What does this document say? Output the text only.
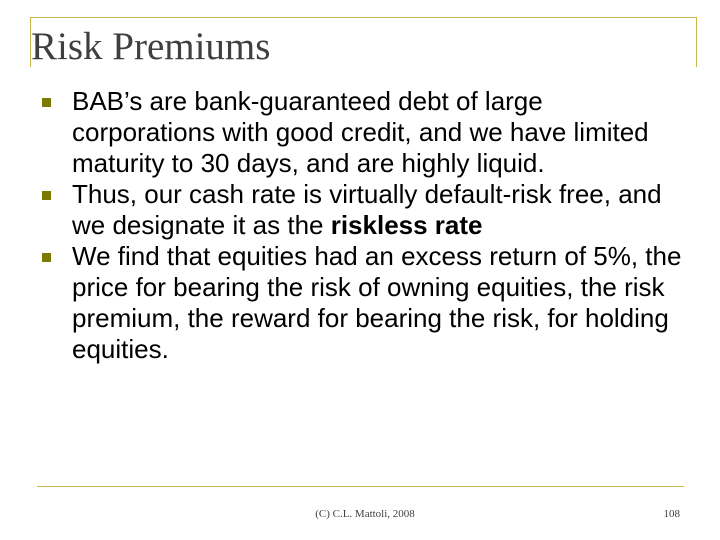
Risk Premiums
BAB’s are bank-guaranteed debt of large corporations with good credit, and we have limited maturity to 30 days, and are highly liquid.
Thus, our cash rate is virtually default-risk free, and we designate it as the riskless rate
We find that equities had an excess return of 5%, the price for bearing the risk of owning equities, the risk premium, the reward for bearing the risk, for holding equities.
(C) C.L. Mattoli, 2008	108
